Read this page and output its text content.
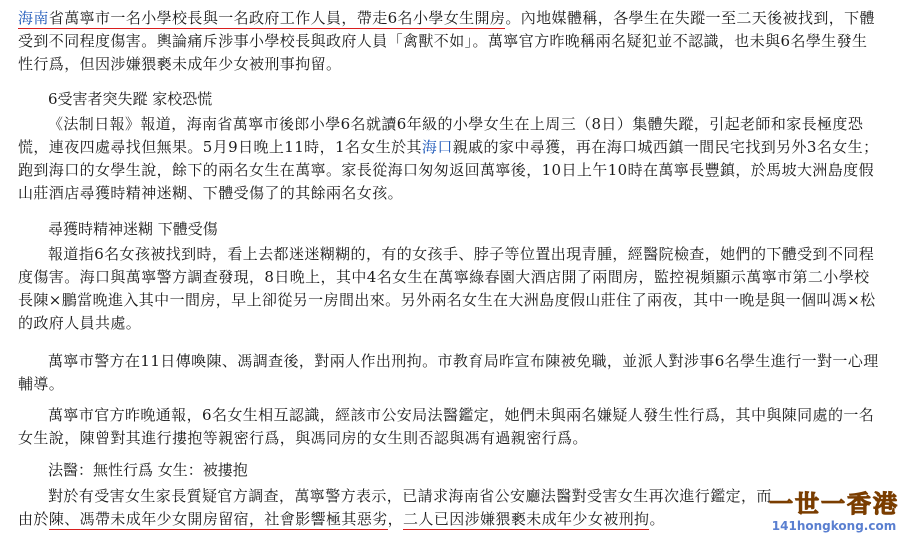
海南省萬寧市一名小學校長與一名政府工作人員，帶走6名小學女生開房。內地媒體稱，各學生在失蹤一至二天後被找到，下體受到不同程度傷害。輿論痛斥涉事小學校長與政府人員「禽獸不如」。萬寧官方昨晚稱兩名疑犯並不認識，也未與6名學生發生性行爲，但因涉嫌猥褻未成年少女被刑事拘留。

6受害者突失蹤 家校恐慌

《法制日報》報道，海南省萬寧市後郎小學6名就讀6年級的小學女生在上周三（8日）集體失蹤，引起老師和家長極度恐慌，連夜四處尋找但無果。5月9日晚上11時，1名女生於其海口親戚的家中尋獲，再在海口城西鎮一間民宅找到另外3名女生；跑到海口的女學生說，餘下的兩名女生在萬寧。家長從海口匆匆返回萬寧後，10日上午10時在萬寧長豐鎮，於馬坡大洲島度假山莊酒店尋獲時精神迷糊、下體受傷了的其餘兩名女孩。

尋獲時精神迷糊 下體受傷

報道指6名女孩被找到時，看上去都迷迷糊糊的，有的女孩手、脖子等位置出現青腫，經醫院檢查，她們的下體受到不同程度傷害。海口與萬寧警方調查發現，8日晚上，其中4名女生在萬寧綠春園大酒店開了兩間房，監控視頻顯示萬寧市第二小學校長陳×鵬當晚進入其中一間房，早上卻從另一房間出來。另外兩名女生在大洲島度假山莊住了兩夜，其中一晚是與一個叫馮×松的政府人員共處。

萬寧市警方在11日傳喚陳、馮調查後，對兩人作出刑拘。市教育局昨宣布陳被免職，並派人對涉事6名學生進行一對一心理輔導。

萬寧市官方昨晚通報，6名女生相互認識，經該市公安局法醫鑑定，她們未與兩名嫌疑人發生性行爲，其中與陳同處的一名女生說，陳曾對其進行摟抱等親密行爲，與馮同房的女生則否認與馮有過親密行爲。

法醫：無性行爲 女生：被摟抱

對於有受害女生家長質疑官方調查，萬寧警方表示，已請求海南省公安廳法醫對受害女生再次進行鑑定，而由於陳、馮帶未成年少女開房留宿，社會影響極其惡劣，二人已因涉嫌猥褻未成年少女被刑拘。

一世一香港
141hongkong.com
